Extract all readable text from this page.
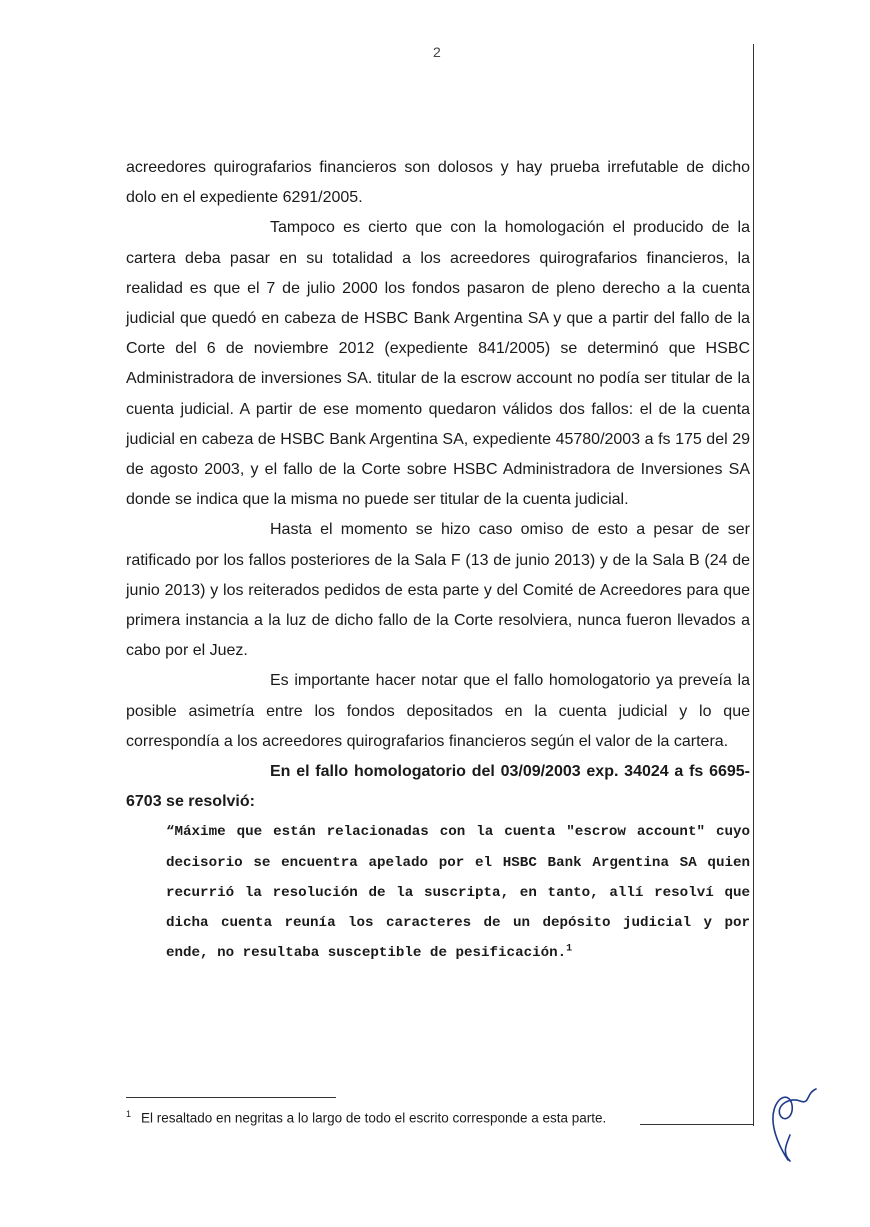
2

acreedores quirografarios financieros son dolosos y hay prueba irrefutable de dicho dolo en el expediente 6291/2005.

Tampoco es cierto que con la homologación el producido de la cartera deba pasar en su totalidad a los acreedores quirografarios financieros, la realidad es que el 7 de julio 2000 los fondos pasaron de pleno derecho a la cuenta judicial que quedó en cabeza de HSBC Bank Argentina SA y que a partir del fallo de la Corte del 6 de noviembre 2012 (expediente 841/2005) se determinó que HSBC Administradora de inversiones SA. titular de la escrow account no podía ser titular de la cuenta judicial. A partir de ese momento quedaron válidos dos fallos: el de la cuenta judicial en cabeza de HSBC Bank Argentina SA, expediente 45780/2003 a fs 175 del 29 de agosto 2003, y el fallo de la Corte sobre HSBC Administradora de Inversiones SA donde se indica que la misma no puede ser titular de la cuenta judicial.

Hasta el momento se hizo caso omiso de esto a pesar de ser ratificado por los fallos posteriores de la Sala F (13 de junio 2013) y de la Sala B (24 de junio 2013) y los reiterados pedidos de esta parte y del Comité de Acreedores para que primera instancia a la luz de dicho fallo de la Corte resolviera, nunca fueron llevados a cabo por el Juez.

Es importante hacer notar que el fallo homologatorio ya preveía la posible asimetría entre los fondos depositados en la cuenta judicial y lo que correspondía a los acreedores quirografarios financieros según el valor de la cartera.

En el fallo homologatorio del 03/09/2003 exp. 34024 a fs 6695-6703 se resolvió:

“Máxime que están relacionadas con la cuenta "escrow account" cuyo decisorio se encuentra apelado por el HSBC Bank Argentina SA quien recurrió la resolución de la suscripta, en tanto, allí resolví que dicha cuenta reunía los caracteres de un depósito judicial y por ende, no resultaba susceptible de pesificación.$^1$

$^1$ El resaltado en negritas a lo largo de todo el escrito corresponde a esta parte.
